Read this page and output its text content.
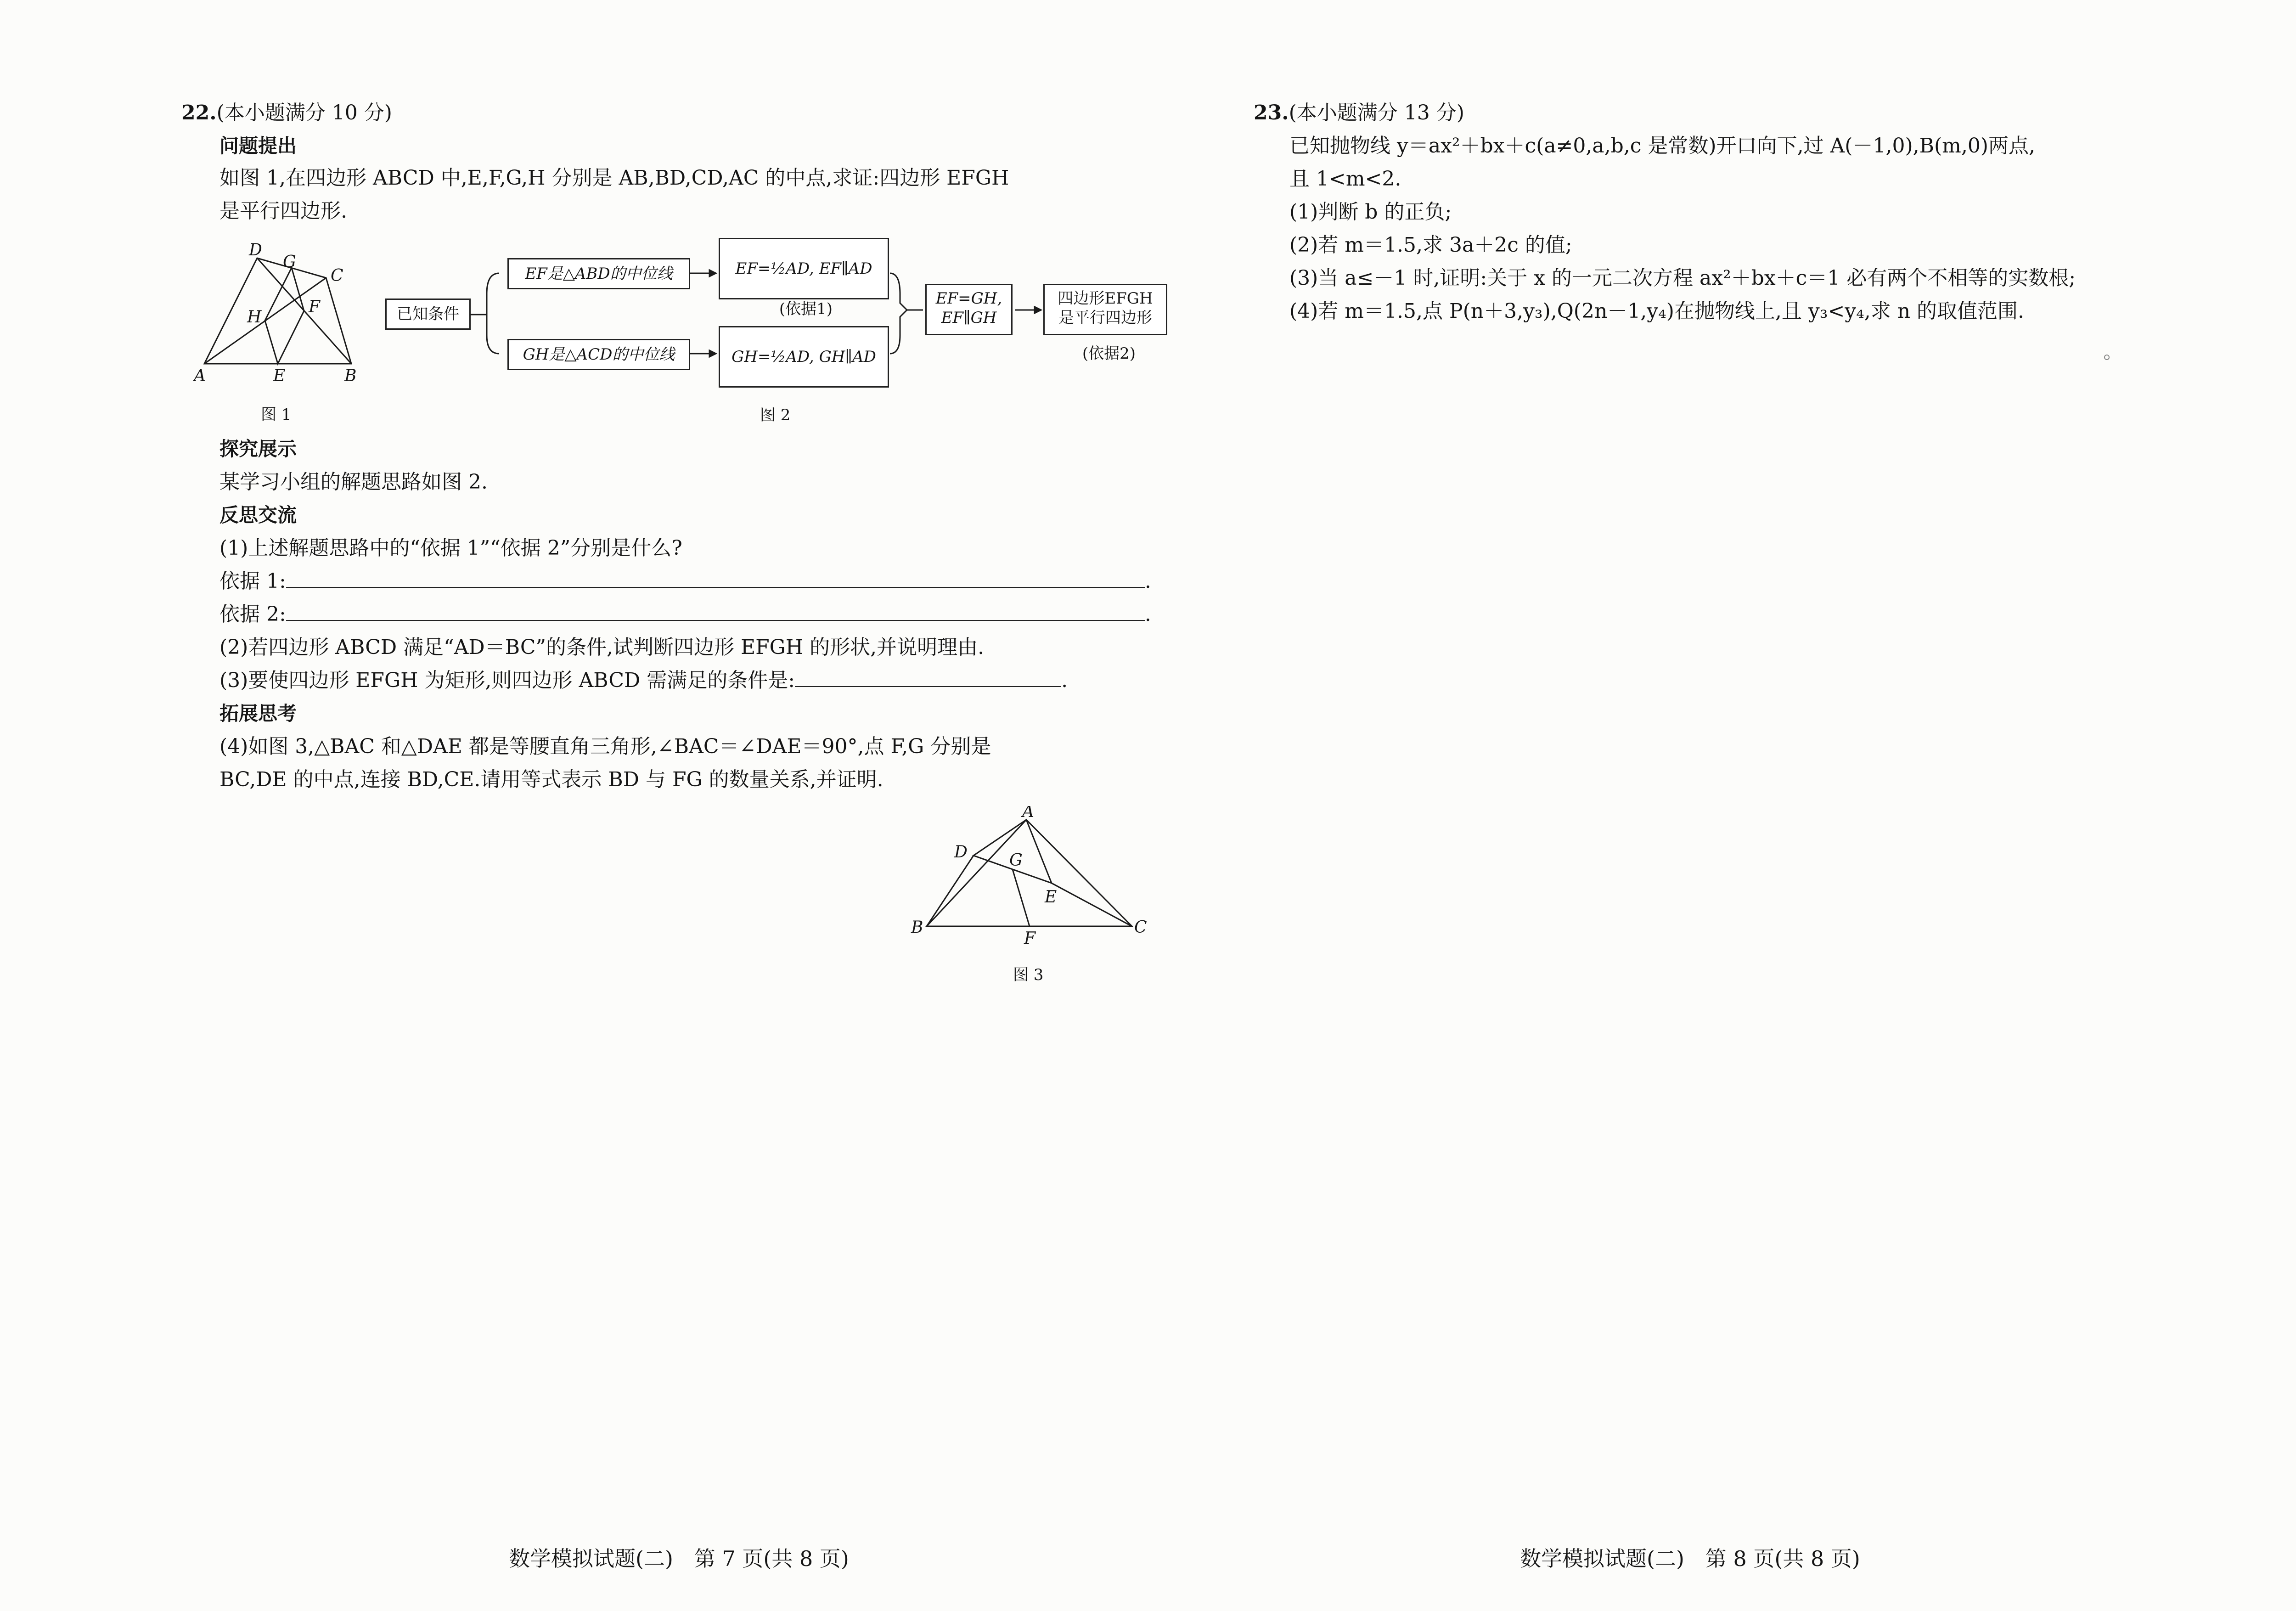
22.(本小题满分 10 分)
问题提出
如图 1,在四边形 ABCD 中,E,F,G,H 分别是 AB,BD,CD,AC 的中点,求证:四边形 EFGH
是平行四边形.
A	B
C
D
E
F
G
H
图 1
已知条件
EF是△ABD的中位线
GH是△ACD的中位线
EF=½AD, EF∥AD
(依据1)
GH=½AD, GH∥AD
EF=GH,
EF∥GH
四边形EFGH
是平行四边形
(依据2)
图 2
探究展示
某学习小组的解题思路如图 2.
反思交流
(1)上述解题思路中的“依据 1”“依据 2”分别是什么?
依据 1:	.
依据 2:	.
(2)若四边形 ABCD 满足“AD＝BC”的条件,试判断四边形 EFGH 的形状,并说明理由.
(3)要使四边形 EFGH 为矩形,则四边形 ABCD 需满足的条件是:	.
拓展思考
(4)如图 3,△BAC 和△DAE 都是等腰直角三角形,∠BAC＝∠DAE＝90°,点 F,G 分别是
BC,DE 的中点,连接 BD,CE.请用等式表示 BD 与 FG 的数量关系,并证明.
A
B	C
D
E
F
G
图 3
数学模拟试题(二)　第 7 页(共 8 页)
23.(本小题满分 13 分)
已知抛物线 y＝ax²＋bx＋c(a≠0,a,b,c 是常数)开口向下,过 A(－1,0),B(m,0)两点,
且 1<m<2.
(1)判断 b 的正负;
(2)若 m＝1.5,求 3a＋2c 的值;
(3)当 a≤－1 时,证明:关于 x 的一元二次方程 ax²＋bx＋c＝1 必有两个不相等的实数根;
(4)若 m＝1.5,点 P(n＋3,y₃),Q(2n－1,y₄)在抛物线上,且 y₃<y₄,求 n 的取值范围.
数学模拟试题(二)　第 8 页(共 8 页)
